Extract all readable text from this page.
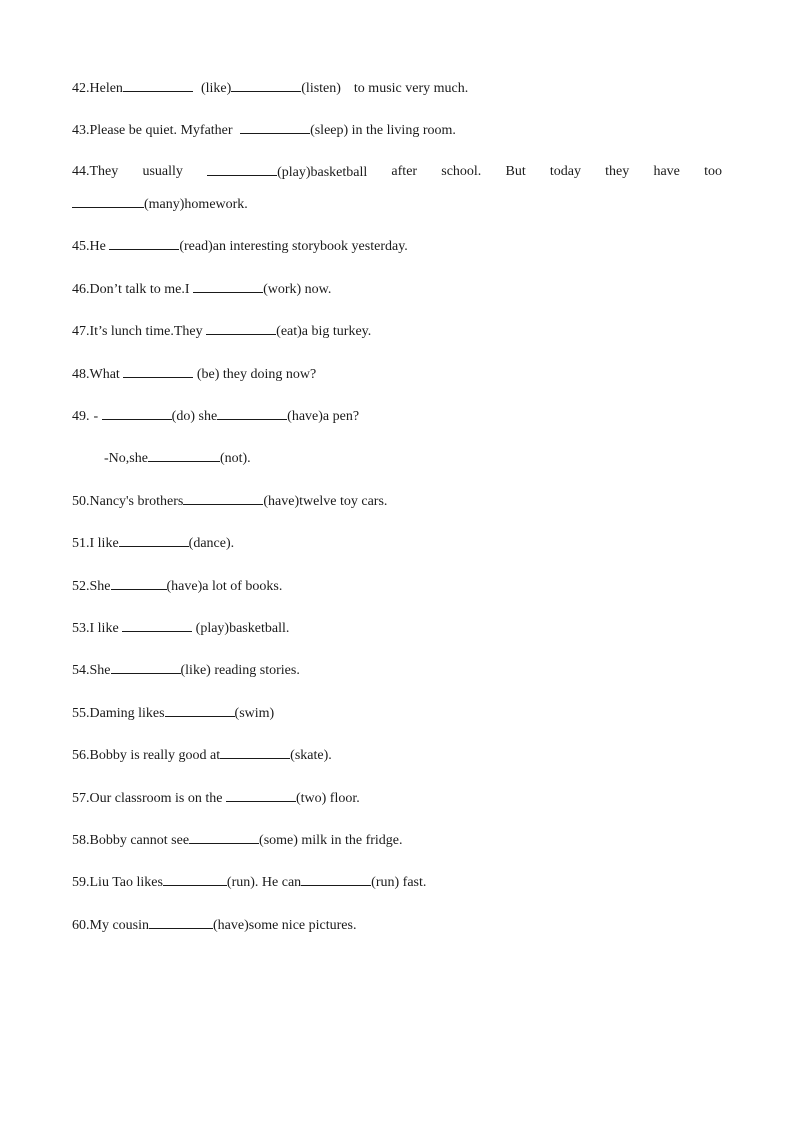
42.Helen	(like)	(listen) to music very much.
43.Please be quiet. Myfather	(sleep) in the living room.
44.They usually	(play)basketball after school. But today they have too
(many)homework.
45.He	(read)an interesting storybook yesterday.
46.Don’t talk to me.I	(work) now.
47.It’s lunch time.They	(eat)a big turkey.
48.What	(be) they doing now?
49. -	(do) she	(have)a pen?
-No,she	(not).
50.Nancy's brothers	(have)twelve toy cars.
51.I like	(dance).
52.She	(have)a lot of books.
53.I like	(play)basketball.
54.She	(like) reading stories.
55.Daming likes	(swim)
56.Bobby is really good at	(skate).
57.Our classroom is on the	(two) floor.
58.Bobby cannot see	(some) milk in the fridge.
59.Liu Tao likes	(run). He can	(run) fast.
60.My cousin	(have)some nice pictures.
